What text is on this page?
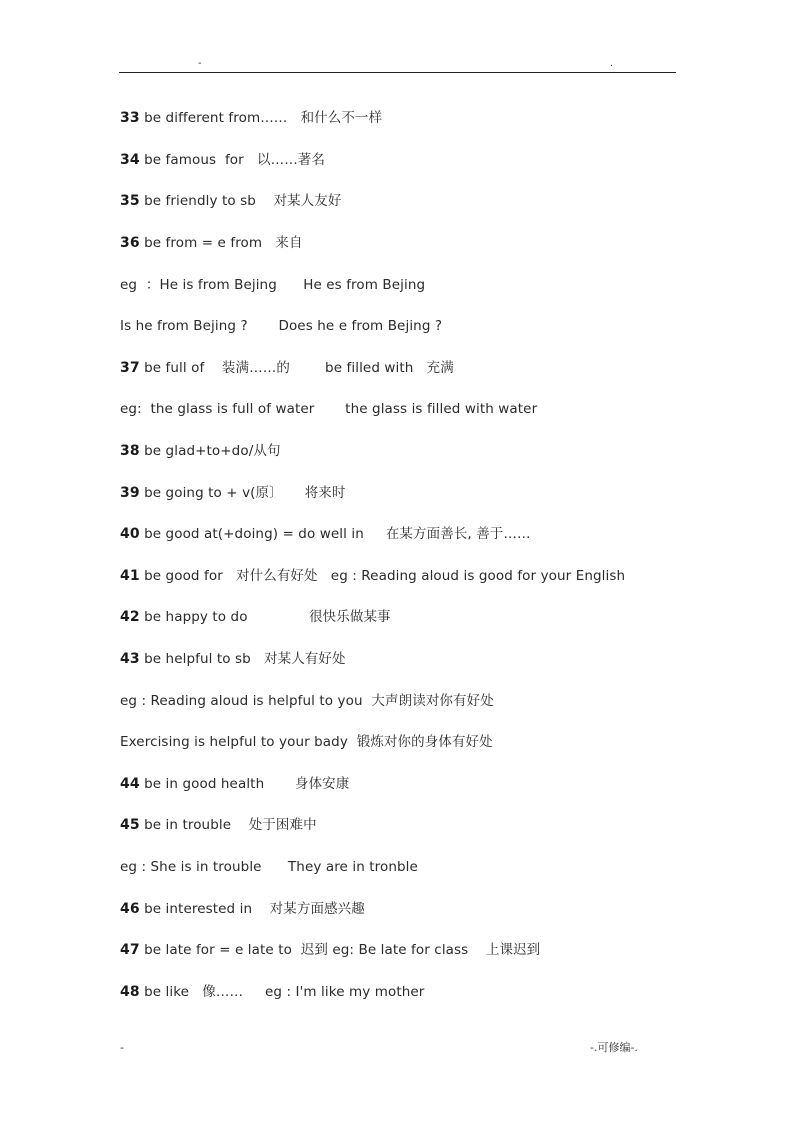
-	.
33 be different from……   和什么不一样
34 be famous  for   以……著名
35 be friendly to sb    对某人友好
36 be from = e from   来自
eg  ：He is from Bejing      He es from Bejing
Is he from Bejing ?       Does he e from Bejing ?
37 be full of    装满……的        be filled with   充满
eg:  the glass is full of water       the glass is filled with water
38 be glad+to+do/从句
39 be going to + v(原〕     将来时
40 be good at(+doing) = do well in     在某方面善长, 善于……
41 be good for   对什么有好处   eg : Reading aloud is good for your English
42 be happy to do              很快乐做某事
43 be helpful to sb   对某人有好处
eg : Reading aloud is helpful to you  大声朗读对你有好处
Exercising is helpful to your bady  锻炼对你的身体有好处
44 be in good health       身体安康
45 be in trouble    处于困难中
eg : She is in trouble      They are in tronble
46 be interested in    对某方面感兴趣
47 be late for = e late to  迟到 eg: Be late for class    上课迟到
48 be like   像……     eg : I'm like my mother
-	-.可修编-.
